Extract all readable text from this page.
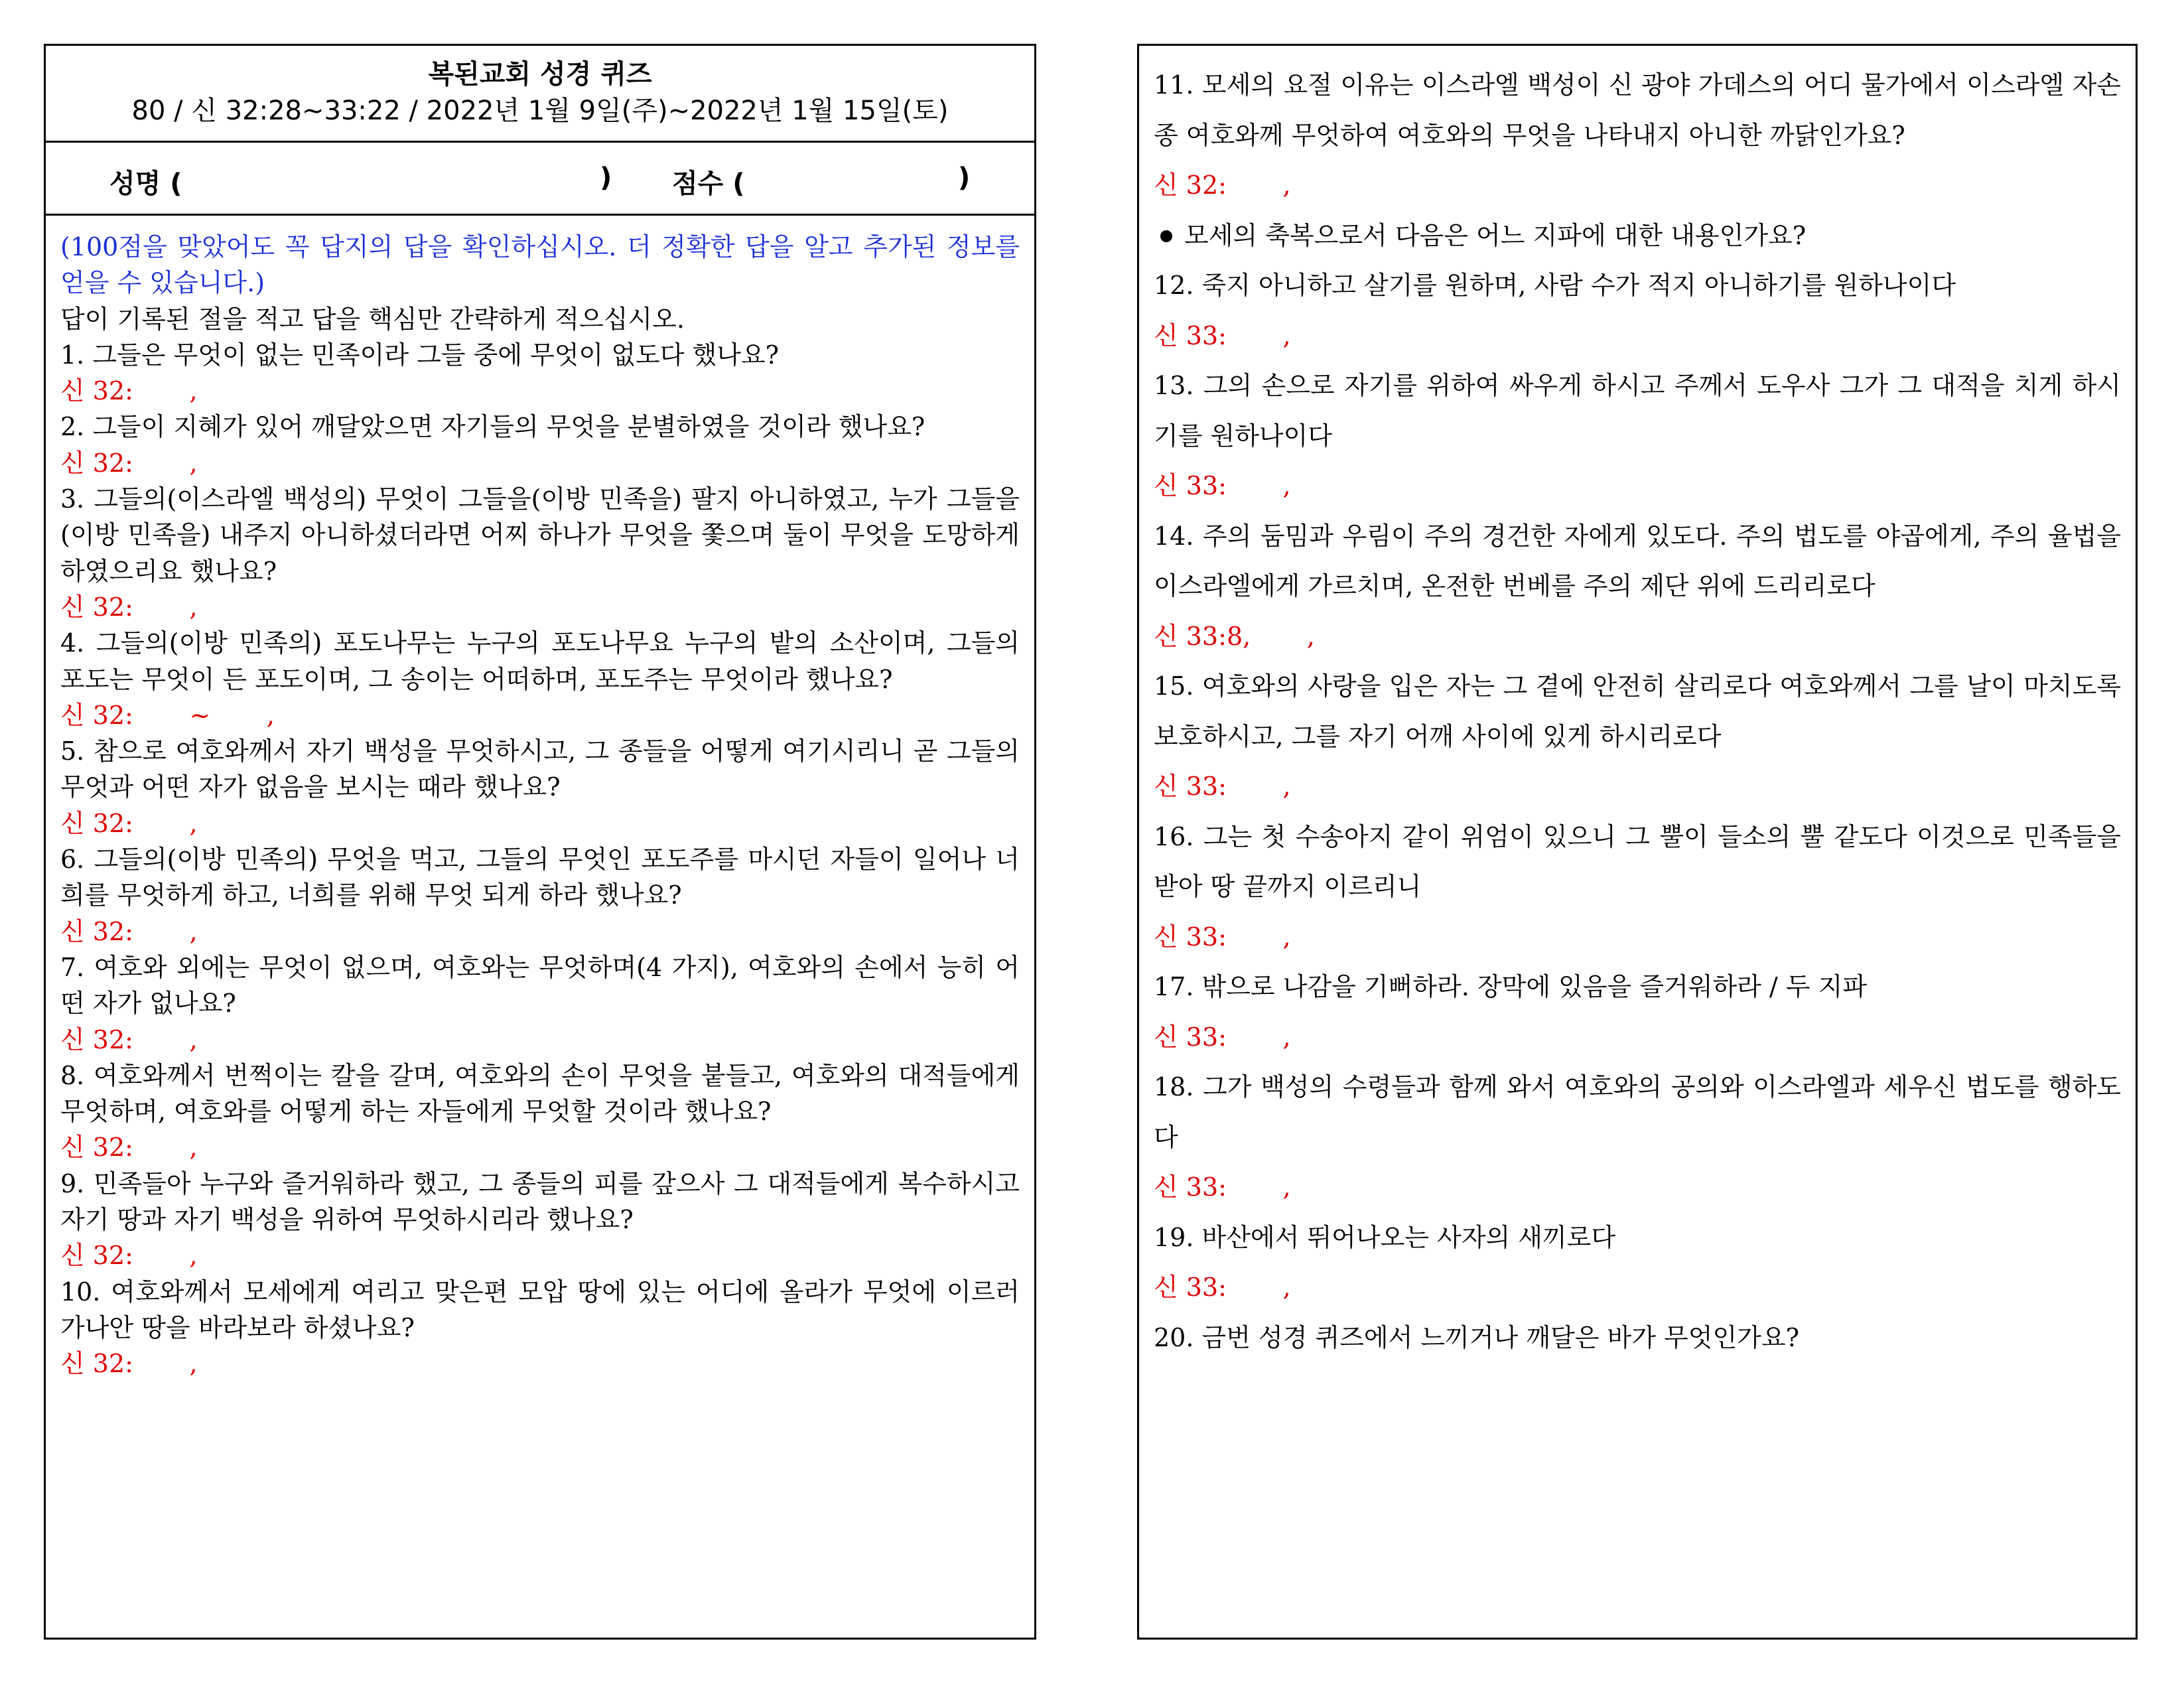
복된교회 성경 퀴즈
80 / 신 32:28~33:22 / 2022년 1월 9일(주)~2022년 1월 15일(토)
성명 (	) 점수 (	)

(100점을 맞았어도 꼭 답지의 답을 확인하십시오. 더 정확한 답을 알고 추가된 정보를 얻을 수 있습니다.)

답이 기록된 절을 적고 답을 핵심만 간략하게 적으십시오.

1. 그들은 무엇이 없는 민족이라 그들 중에 무엇이 없도다 했나요?

신 32:       ,

2. 그들이 지혜가 있어 깨달았으면 자기들의 무엇을 분별하였을 것이라 했나요?

신 32:       ,

3. 그들의(이스라엘 백성의) 무엇이 그들을(이방 민족을) 팔지 아니하였고, 누가 그들을(이방 민족을) 내주지 아니하셨더라면 어찌 하나가 무엇을 쫓으며 둘이 무엇을 도망하게 하였으리요 했나요?

신 32:       ,

4. 그들의(이방 민족의) 포도나무는 누구의 포도나무요 누구의 밭의 소산이며, 그들의 포도는 무엇이 든 포도이며, 그 송이는 어떠하며, 포도주는 무엇이라 했나요?

신 32:       ~       ,

5. 참으로 여호와께서 자기 백성을 무엇하시고, 그 종들을 어떻게 여기시리니 곧 그들의 무엇과 어떤 자가 없음을 보시는 때라 했나요?

신 32:       ,

6. 그들의(이방 민족의) 무엇을 먹고, 그들의 무엇인 포도주를 마시던 자들이 일어나 너희를 무엇하게 하고, 너희를 위해 무엇 되게 하라 했나요?

신 32:       ,

7. 여호와 외에는 무엇이 없으며, 여호와는 무엇하며(4 가지), 여호와의 손에서 능히 어떤 자가 없나요?

신 32:       ,

8. 여호와께서 번쩍이는 칼을 갈며, 여호와의 손이 무엇을 붙들고, 여호와의 대적들에게 무엇하며, 여호와를 어떻게 하는 자들에게 무엇할 것이라 했나요?

신 32:       ,

9. 민족들아 누구와 즐거워하라 했고, 그 종들의 피를 갚으사 그 대적들에게 복수하시고 자기 땅과 자기 백성을 위하여 무엇하시리라 했나요?

신 32:       ,

10. 여호와께서 모세에게 여리고 맞은편 모압 땅에 있는 어디에 올라가 무엇에 이르러 가나안 땅을 바라보라 하셨나요?

신 32:       ,

11. 모세의 요절 이유는 이스라엘 백성이 신 광야 가데스의 어디 물가에서 이스라엘 자손 종 여호와께 무엇하여 여호와의 무엇을 나타내지 아니한 까닭인가요?

신 32:       ,

모세의 축복으로서 다음은 어느 지파에 대한 내용인가요?

12. 죽지 아니하고 살기를 원하며, 사람 수가 적지 아니하기를 원하나이다

신 33:       ,

13. 그의 손으로 자기를 위하여 싸우게 하시고 주께서 도우사 그가 그 대적을 치게 하시기를 원하나이다

신 33:       ,

14. 주의 둠밈과 우림이 주의 경건한 자에게 있도다. 주의 법도를 야곱에게, 주의 율법을 이스라엘에게 가르치며, 온전한 번베를 주의 제단 위에 드리리로다

신 33:8,       ,

15. 여호와의 사랑을 입은 자는 그 곁에 안전히 살리로다 여호와께서 그를 날이 마치도록 보호하시고, 그를 자기 어깨 사이에 있게 하시리로다

신 33:       ,

16. 그는 첫 수송아지 같이 위엄이 있으니 그 뿔이 들소의 뿔 같도다 이것으로 민족들을 받아 땅 끝까지 이르리니

신 33:       ,

17. 밖으로 나감을 기뻐하라. 장막에 있음을 즐거워하라 / 두 지파

신 33:       ,

18. 그가 백성의 수령들과 함께 와서 여호와의 공의와 이스라엘과 세우신 법도를 행하도다

신 33:       ,

19. 바산에서 뛰어나오는 사자의 새끼로다

신 33:       ,

20. 금번 성경 퀴즈에서 느끼거나 깨달은 바가 무엇인가요?
